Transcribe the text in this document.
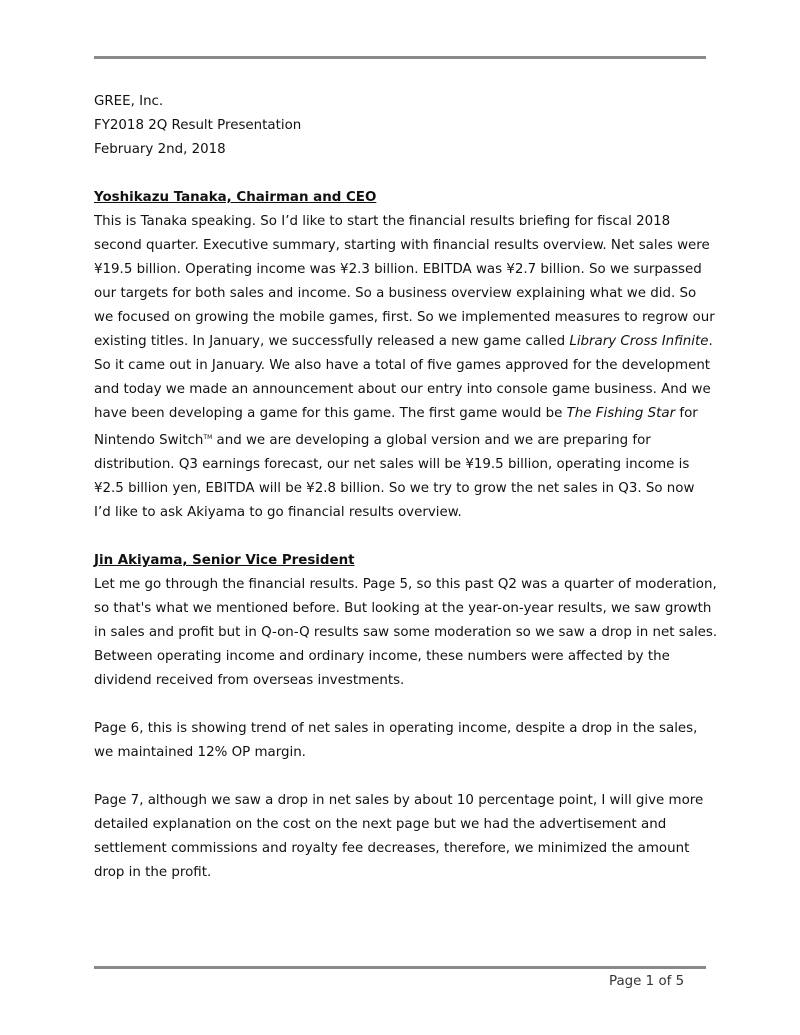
GREE, Inc.

FY2018 2Q Result Presentation

February 2nd, 2018

Yoshikazu Tanaka, Chairman and CEO

This is Tanaka speaking. So I’d like to start the financial results briefing for fiscal 2018
second quarter. Executive summary, starting with financial results overview. Net sales were
¥19.5 billion. Operating income was ¥2.3 billion. EBITDA was ¥2.7 billion. So we surpassed
our targets for both sales and income. So a business overview explaining what we did. So
we focused on growing the mobile games, first. So we implemented measures to regrow our
existing titles. In January, we successfully released a new game called Library Cross Infinite.
So it came out in January. We also have a total of five games approved for the development
and today we made an announcement about our entry into console game business. And we
have been developing a game for this game. The first game would be The Fishing Star for
Nintendo Switch™ and we are developing a global version and we are preparing for
distribution. Q3 earnings forecast, our net sales will be ¥19.5 billion, operating income is
¥2.5 billion yen, EBITDA will be ¥2.8 billion. So we try to grow the net sales in Q3. So now
I’d like to ask Akiyama to go financial results overview.

Jin Akiyama, Senior Vice President

Let me go through the financial results. Page 5, so this past Q2 was a quarter of moderation,
so that's what we mentioned before. But looking at the year-on-year results, we saw growth
in sales and profit but in Q-on-Q results saw some moderation so we saw a drop in net sales.
Between operating income and ordinary income, these numbers were affected by the
dividend received from overseas investments.

Page 6, this is showing trend of net sales in operating income, despite a drop in the sales,
we maintained 12% OP margin.

Page 7, although we saw a drop in net sales by about 10 percentage point, I will give more
detailed explanation on the cost on the next page but we had the advertisement and
settlement commissions and royalty fee decreases, therefore, we minimized the amount
drop in the profit.

Page 1 of 5
